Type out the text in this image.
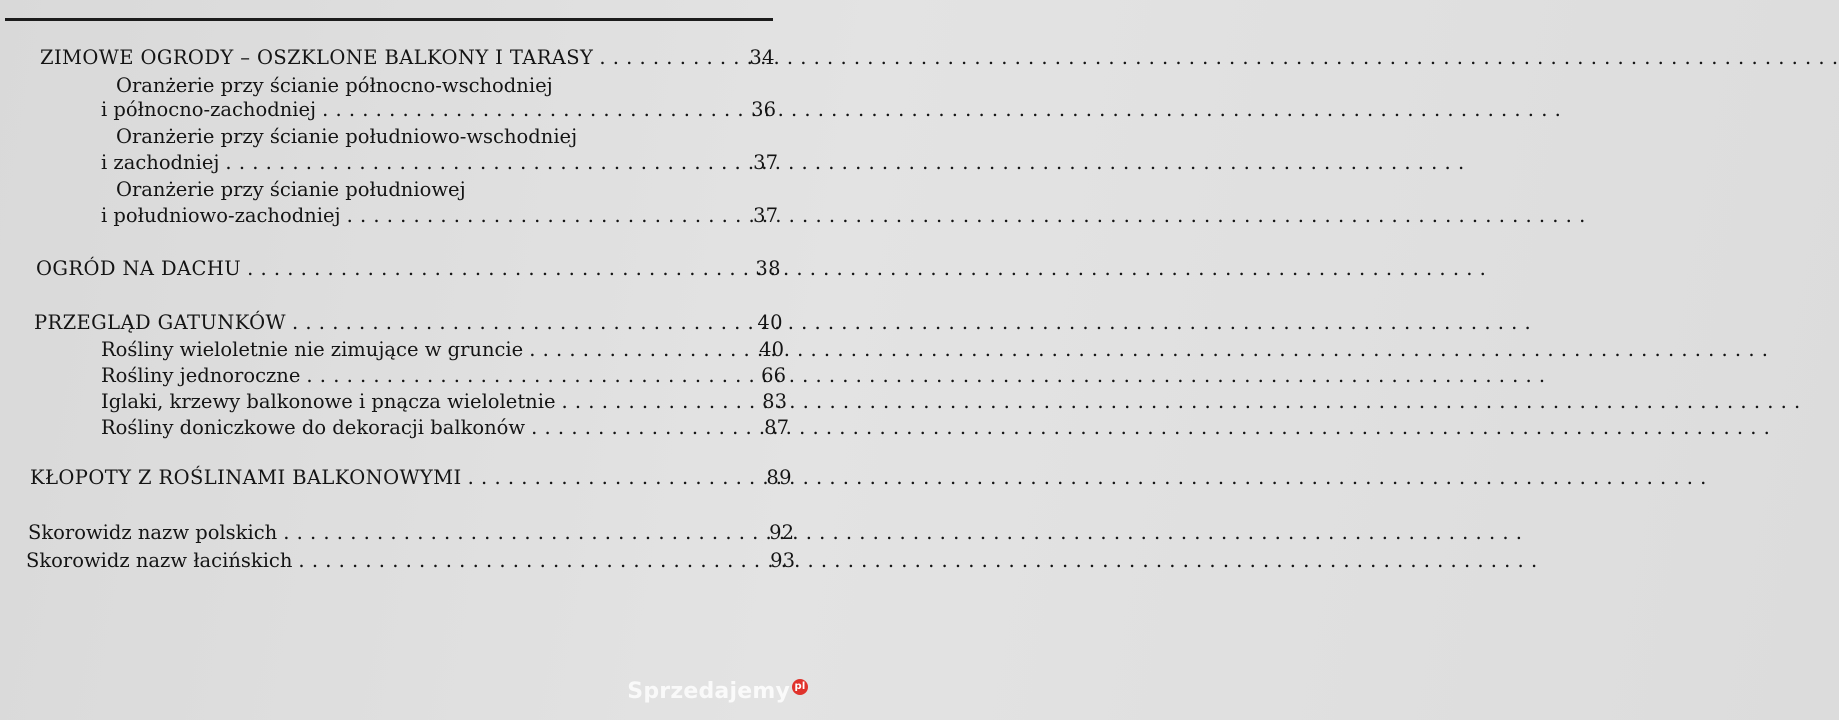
ZIMOWE OGRODY – OSZKLONE BALKONY I TARASY . . .	34
Oranżerie przy ścianie północno-wschodniej
i północno-zachodniej . . .	36
Oranżerie przy ścianie południowo-wschodniej
i zachodniej . . .	37
Oranżerie przy ścianie południowej
i południowo-zachodniej . . .	37
OGRÓD NA DACHU . . .	38
PRZEGLĄD GATUNKÓW . . .	40
Rośliny wieloletnie nie zimujące w gruncie . . .	40
Rośliny jednoroczne . . .	66
Iglaki, krzewy balkonowe i pnącza wieloletnie . . .	83
Rośliny doniczkowe do dekoracji balkonów . . .	87
KŁOPOTY Z ROŚLINAMI BALKONOWYMI . . .	89
Skorowidz nazw polskich . . .	92
Skorowidz nazw łacińskich . . .	93
Sprzedajemy pl
